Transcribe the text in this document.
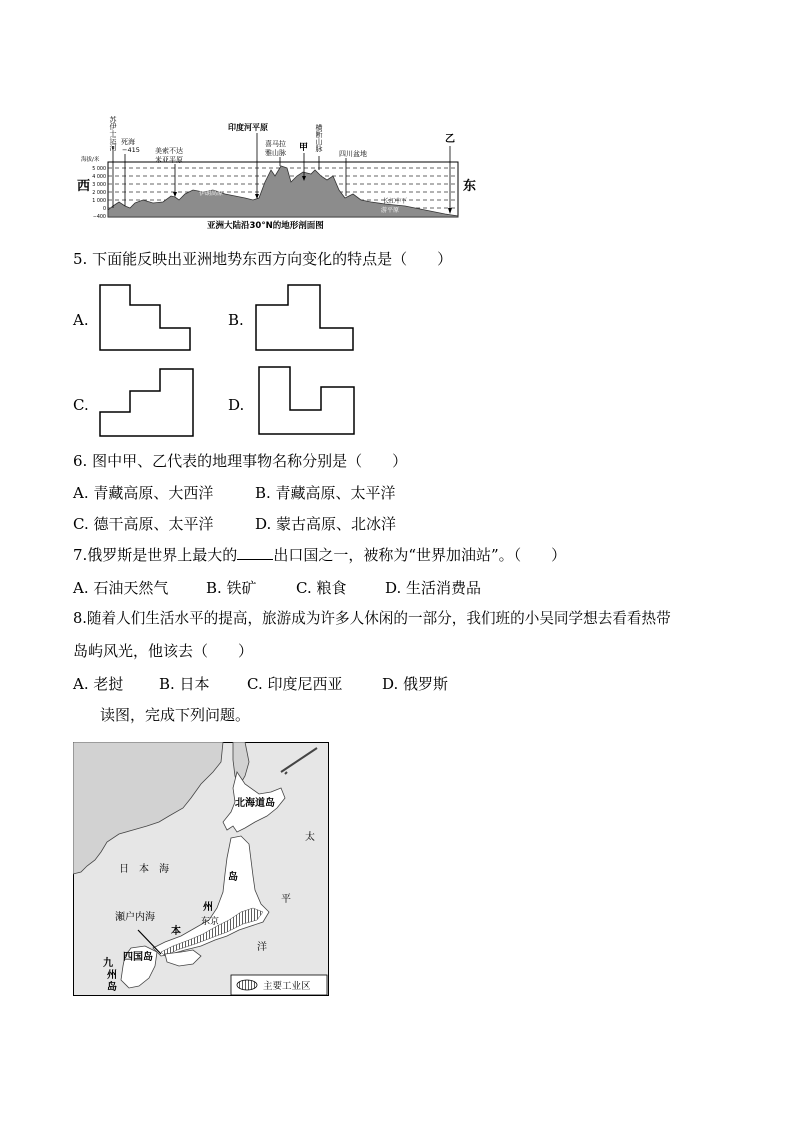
海拔/米
5 000
4 000
3 000
2 000
1 000
0
−400
西	东
苏伊士运河 死海
−415 美索不达
米亚平原
伊朗高原
印度河平原
喜马拉
雅山脉 甲 横断山脉
四川盆地
乙
长江中下
游平原
亚洲大陆沿30°N的地形剖面图
5. 下面能反映出亚洲地势东西方向变化的特点是（　　）
A.	B.
C.	D.
6. 图中甲、乙代表的地理事物名称分别是（　　）
A. 青藏高原、大西洋	B. 青藏高原、太平洋
C. 德干高原、太平洋	D. 蒙古高原、北冰洋
7.俄罗斯是世界上最大的 出口国之一，被称为“世界加油站”。（　　）
A. 石油天然气	B. 铁矿	C. 粮食	D. 生活消费品
8.随着人们生活水平的提高，旅游成为许多人休闲的一部分，我们班的小吴同学想去看看热带
岛屿风光，他该去（　　）
A. 老挝 B. 日本 C. 印度尼西亚	D. 俄罗斯
读图，完成下列问题。
北海道岛
日 本 海
太
平
洋
岛
州
本
东京
瀬户内海
四国岛
九
州
岛	主要工业区
